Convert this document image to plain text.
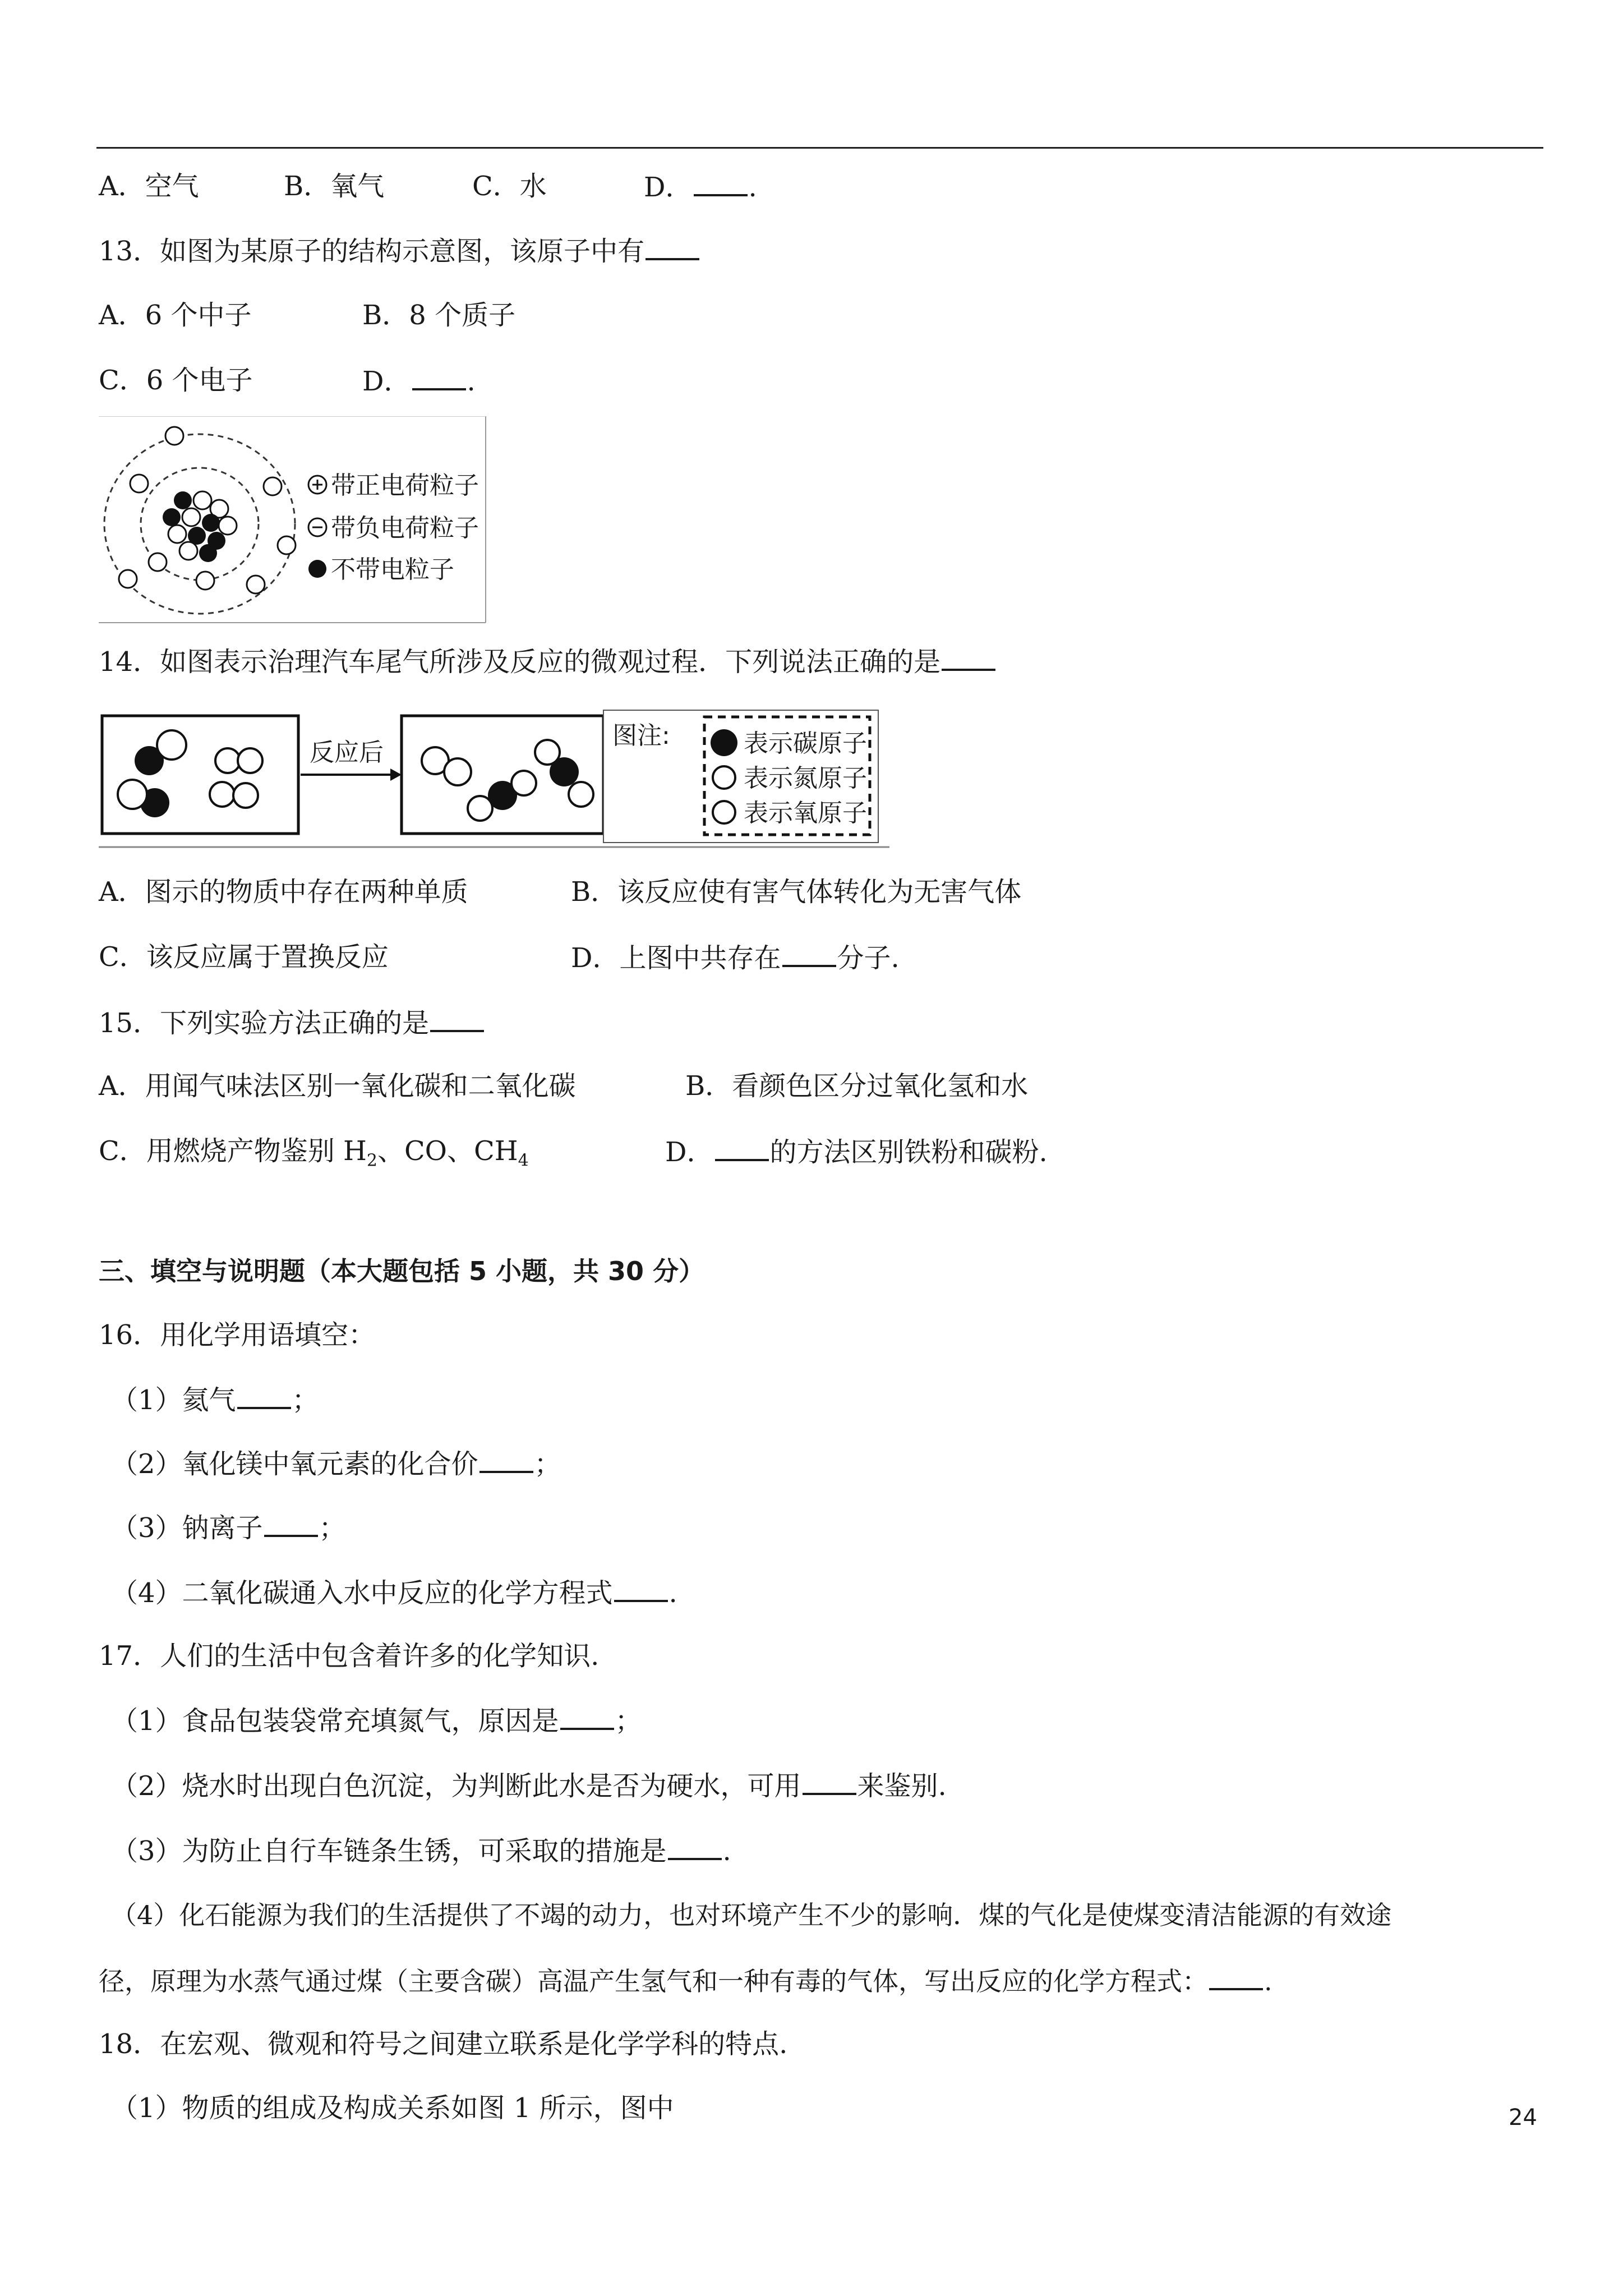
A．空气	B．氧气	C．水	D． .
13．如图为某原子的结构示意图，该原子中有
A．6 个中子	B．8 个质子
C．6 个电子	D． .
带正电荷粒子
带负电荷粒子
不带电粒子
14．如图表示治理汽车尾气所涉及反应的微观过程．下列说法正确的是
反应后
图注:	表示碳原子
表示氮原子
表示氧原子
A．图示的物质中存在两种单质	B．该反应使有害气体转化为无害气体
C．该反应属于置换反应	D．上图中共存在 分子.
15．下列实验方法正确的是
A．用闻气味法区别一氧化碳和二氧化碳	B．看颜色区分过氧化氢和水
C．用燃烧产物鉴别 $H_2$、CO、$CH_4$	D． 的方法区别铁粉和碳粉.
三、填空与说明题（本大题包括 5 小题，共 30 分）
16．用化学用语填空：
（1）氦气 ；
（2）氧化镁中氧元素的化合价 ；
（3）钠离子 ；
（4）二氧化碳通入水中反应的化学方程式 .
17．人们的生活中包含着许多的化学知识.
（1）食品包装袋常充填氮气，原因是 ；
（2）烧水时出现白色沉淀，为判断此水是否为硬水，可用 来鉴别.
（3）为防止自行车链条生锈，可采取的措施是 .
（4）化石能源为我们的生活提供了不竭的动力，也对环境产生不少的影响．煤的气化是使煤变清洁能源的有效途
径，原理为水蒸气通过煤（主要含碳）高温产生氢气和一种有毒的气体，写出反应的化学方程式： .
18．在宏观、微观和符号之间建立联系是化学学科的特点.
（1）物质的组成及构成关系如图 1 所示，图中	24
